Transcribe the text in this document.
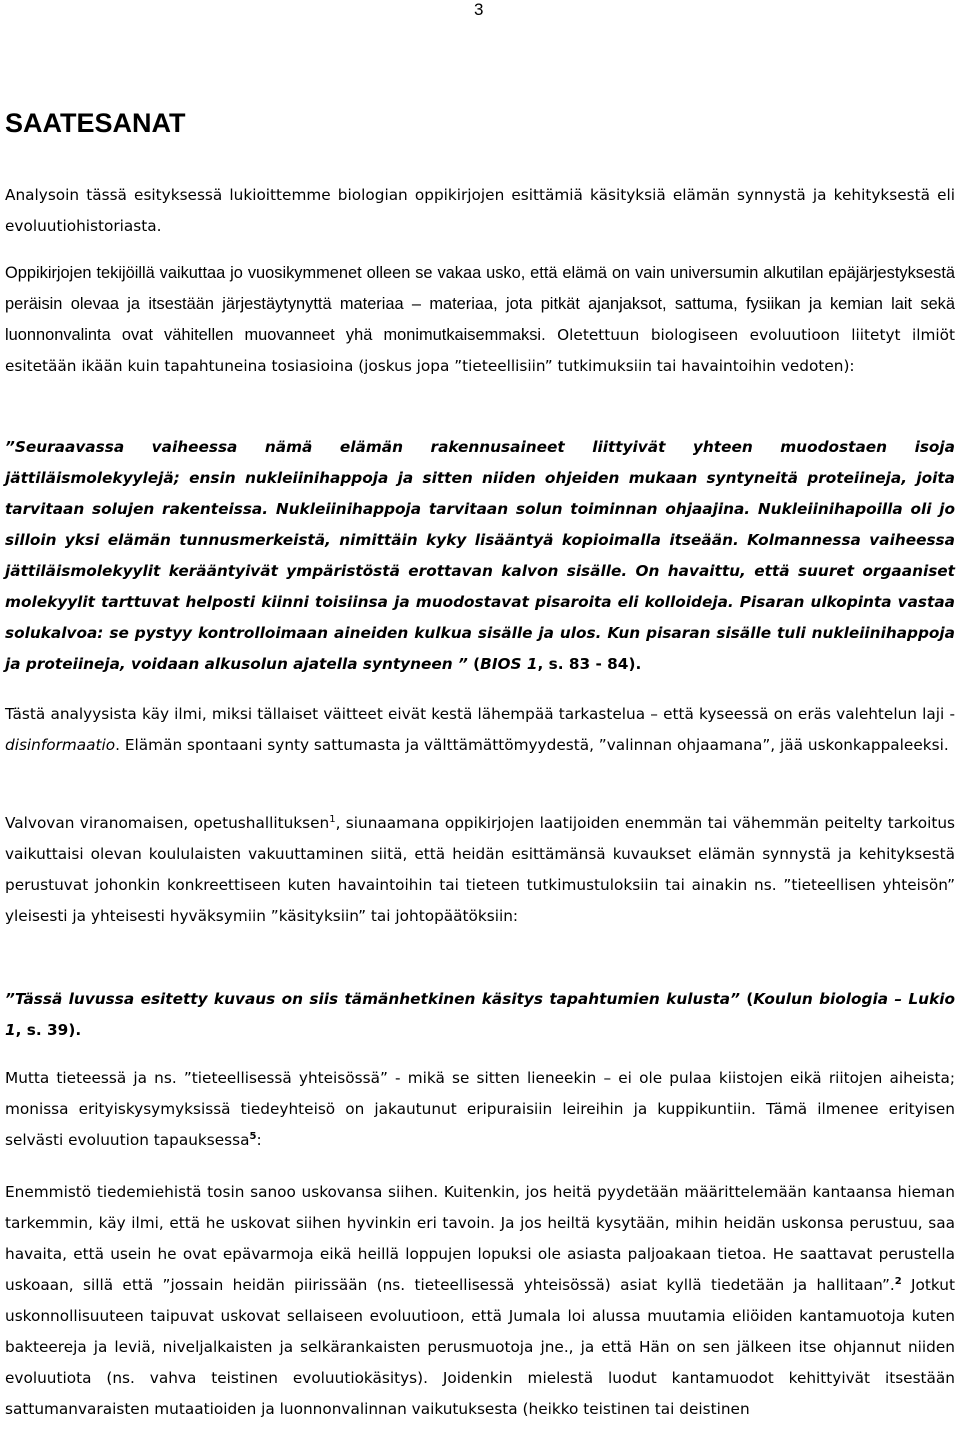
3
SAATESANAT

Analysoin tässä esityksessä lukioittemme biologian oppikirjojen esittämiä käsityksiä elämän synnystä ja kehityksestä eli evoluutiohistoriasta.

Oppikirjojen tekijöillä vaikuttaa jo vuosikymmenet olleen se vakaa usko, että elämä on vain universumin alkutilan epäjärjestyksestä peräisin olevaa ja itsestään järjestäytynyttä materiaa – materiaa, jota pitkät ajanjaksot, sattuma, fysiikan ja kemian lait sekä luonnonvalinta ovat vähitellen muovanneet yhä monimutkaisemmaksi. Oletettuun biologiseen evoluutioon liitetyt ilmiöt esitetään ikään kuin tapahtuneina tosiasioina (joskus jopa ”tieteellisiin” tutkimuksiin tai havaintoihin vedoten):

”Seuraavassa vaiheessa nämä elämän rakennusaineet liittyivät yhteen muodostaen isoja jättiläismolekyylejä; ensin nukleiinihappoja ja sitten niiden ohjeiden mukaan syntyneitä proteiineja, joita tarvitaan solujen rakenteissa. Nukleiinihappoja tarvitaan solun toiminnan ohjaajina. Nukleiinihapoilla oli jo silloin yksi elämän tunnusmerkeistä, nimittäin kyky lisääntyä kopioimalla itseään. Kolmannessa vaiheessa jättiläismolekyylit kerääntyivät ympäristöstä erottavan kalvon sisälle. On havaittu, että suuret orgaaniset molekyylit tarttuvat helposti kiinni toisiinsa ja muodostavat pisaroita eli kolloideja. Pisaran ulkopinta vastaa solukalvoa: se pystyy kontrolloimaan aineiden kulkua sisälle ja ulos. Kun pisaran sisälle tuli nukleiinihappoja ja proteiineja, voidaan alkusolun ajatella syntyneen ” (BIOS 1, s. 83 - 84).

Tästä analyysista käy ilmi, miksi tällaiset väitteet eivät kestä lähempää tarkastelua – että kyseessä on eräs valehtelun laji - disinformaatio. Elämän spontaani synty sattumasta ja välttämättömyydestä, ”valinnan ohjaamana”, jää uskonkappaleeksi.

Valvovan viranomaisen, opetushallituksen$^1$, siunaamana oppikirjojen laatijoiden enemmän tai vähemmän peitelty tarkoitus vaikuttaisi olevan koululaisten vakuuttaminen siitä, että heidän esittämänsä kuvaukset elämän synnystä ja kehityksestä perustuvat johonkin konkreettiseen kuten havaintoihin tai tieteen tutkimustuloksiin tai ainakin ns. ”tieteellisen yhteisön” yleisesti ja yhteisesti hyväksymiin ”käsityksiin” tai johtopäätöksiin:

”Tässä luvussa esitetty kuvaus on siis tämänhetkinen käsitys tapahtumien kulusta” (Koulun biologia – Lukio 1, s. 39).

Mutta tieteessä ja ns. ”tieteellisessä yhteisössä” - mikä se sitten lieneekin – ei ole pulaa kiistojen eikä riitojen aiheista; monissa erityiskysymyksissä tiedeyhteisö on jakautunut eripuraisiin leireihin ja kuppikuntiin. Tämä ilmenee erityisen selvästi evoluution tapauksessa$^5$:

Enemmistö tiedemiehistä tosin sanoo uskovansa siihen. Kuitenkin, jos heitä pyydetään määrittelemään kantaansa hieman tarkemmin, käy ilmi, että he uskovat siihen hyvinkin eri tavoin. Ja jos heiltä kysytään, mihin heidän uskonsa perustuu, saa havaita, että usein he ovat epävarmoja eikä heillä loppujen lopuksi ole asiasta paljoakaan tietoa. He saattavat perustella uskoaan, sillä että ”jossain heidän piirissään (ns. tieteellisessä yhteisössä) asiat kyllä tiedetään ja hallitaan”.$^2$ Jotkut uskonnollisuuteen taipuvat uskovat sellaiseen evoluutioon, että Jumala loi alussa muutamia eliöiden kantamuotoja kuten bakteereja ja leviä, niveljalkaisten ja selkärankaisten perusmuotoja jne., ja että Hän on sen jälkeen itse ohjannut niiden evoluutiota (ns. vahva teistinen evoluutiokäsitys). Joidenkin mielestä luodut kantamuodot kehittyivät itsestään sattumanvaraisten mutaatioiden ja luonnonvalinnan vaikutuksesta (heikko teistinen tai deistinen
